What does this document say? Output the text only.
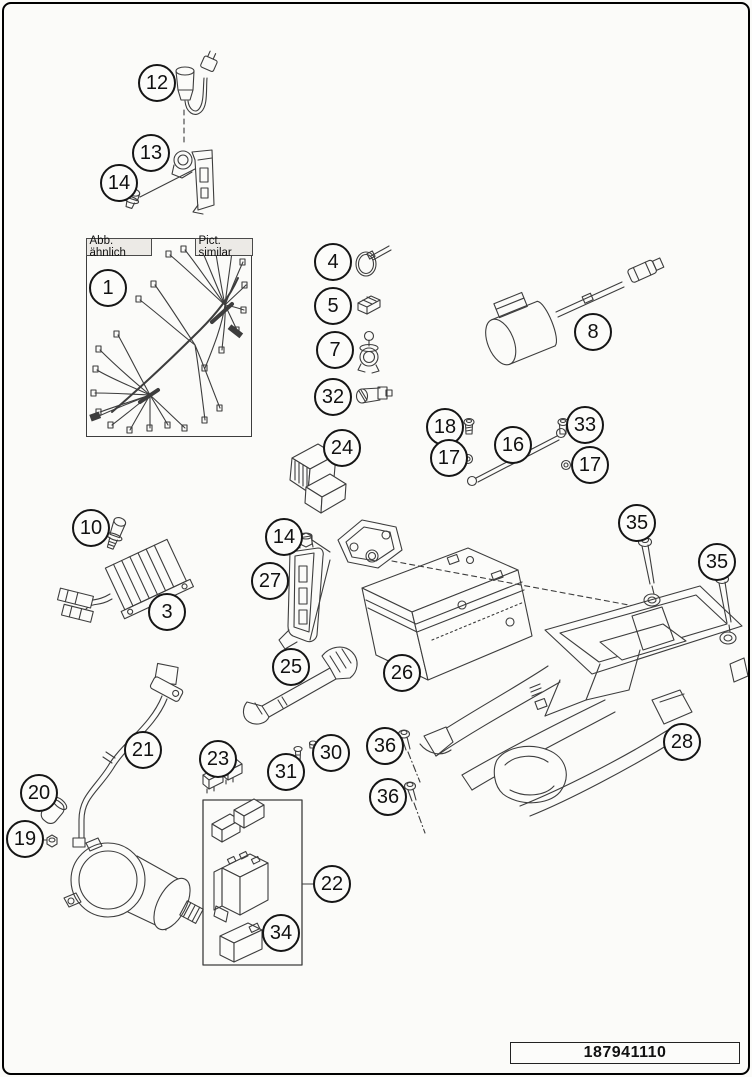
Abb. ähnlich
Pict. similar
12
13
14
1
4
5
7
32
8
18
17
16
33
17
24
10
3
14
27
26
25
35
35
28
21
20
19
23
31
30	36
36
22
34
187941110
